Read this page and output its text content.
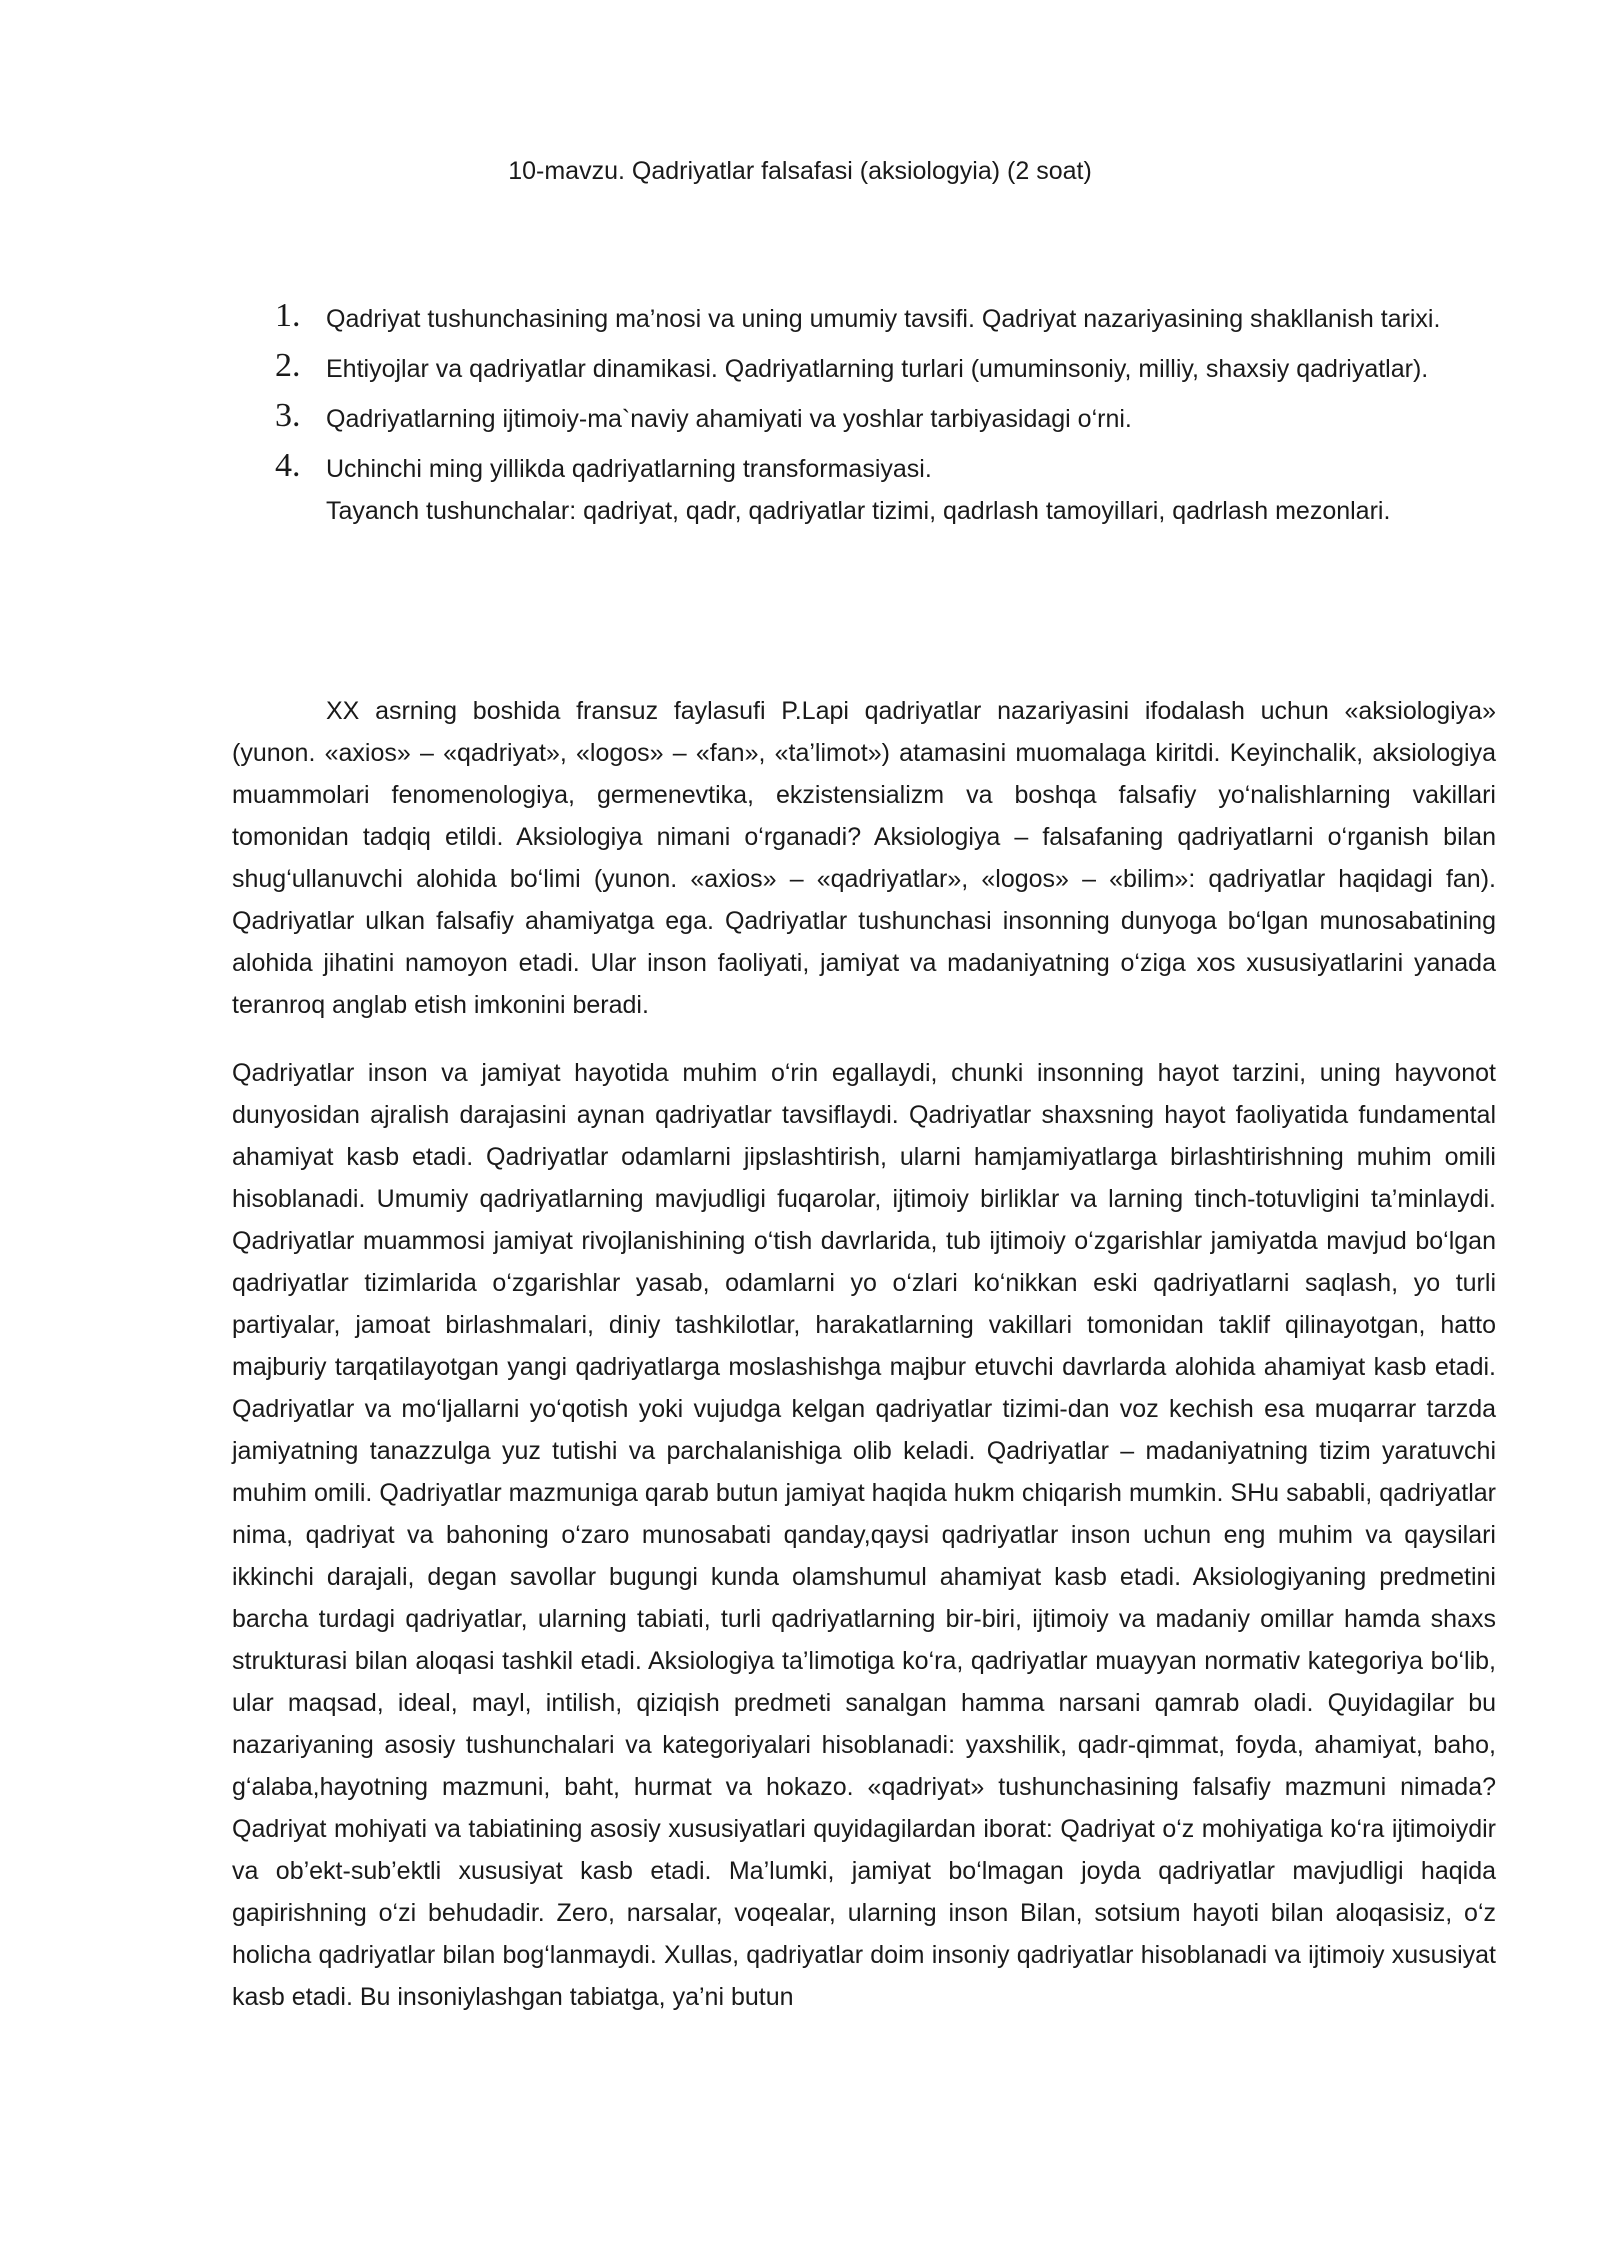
10-mavzu. Qadriyatlar falsafasi (aksiologyia) (2 soat)
1. Qadriyat tushunchasining ma’nosi va uning umumiy tavsifi. Qadriyat nazariyasining shakllanish tarixi.
2. Ehtiyojlar va qadriyatlar dinamikasi. Qadriyatlarning turlari (umuminsoniy, milliy, shaxsiy qadriyatlar).
3. Qadriyatlarning ijtimoiy-ma`naviy ahamiyati va yoshlar tarbiyasidagi o‘rni.
4. Uchinchi ming yillikda qadriyatlarning transformasiyasi.
Tayanch tushunchalar: qadriyat, qadr, qadriyatlar tizimi, qadrlash tamoyillari, qadrlash mezonlari.

XX asrning boshida fransuz faylasufi P.Lapi qadriyatlar nazariyasini ifodalash uchun «aksiologiya» (yunon. «axios» – «qadriyat», «logos» – «fan», «ta’limot») atamasini muomalaga kiritdi. Keyinchalik, aksiologiya muammolari fenomenologiya, germenevtika, ekzistensializm va boshqa falsafiy yo‘nalishlarning vakillari tomonidan tadqiq etildi. Aksiologiya nimani o‘rganadi? Aksiologiya – falsafaning qadriyatlarni o‘rganish bilan shug‘ullanuvchi alohida bo‘limi (yunon. «axios» – «qadriyatlar», «logos» – «bilim»: qadriyatlar haqidagi fan). Qadriyatlar ulkan falsafiy ahamiyatga ega. Qadriyatlar tushunchasi insonning dunyoga bo‘lgan munosabatining alohida jihatini namoyon etadi. Ular inson faoliyati, jamiyat va madaniyatning o‘ziga xos xususiyatlarini yanada teranroq anglab etish imkonini beradi.

Qadriyatlar inson va jamiyat hayotida muhim o‘rin egallaydi, chunki insonning hayot tarzini, uning hayvonot dunyosidan ajralish darajasini aynan qadriyatlar tavsiflaydi. Qadriyatlar shaxsning hayot faoliyatida fundamental ahamiyat kasb etadi. Qadriyatlar odamlarni jipslashtirish, ularni hamjamiyatlarga birlashtirishning muhim omili hisoblanadi. Umumiy qadriyatlarning mavjudligi fuqarolar, ijtimoiy birliklar va larning tinch-totuvligini ta’minlaydi. Qadriyatlar muammosi jamiyat rivojlanishining o‘tish davrlarida, tub ijtimoiy o‘zgarishlar jamiyatda mavjud bo‘lgan qadriyatlar tizimlarida o‘zgarishlar yasab, odamlarni yo o‘zlari ko‘nikkan eski qadriyatlarni saqlash, yo turli partiyalar, jamoat birlashmalari, diniy tashkilotlar, harakatlarning vakillari tomonidan taklif qilinayotgan, hatto majburiy tarqatilayotgan yangi qadriyatlarga moslashishga majbur etuvchi davrlarda alohida ahamiyat kasb etadi. Qadriyatlar va mo‘ljallarni yo‘qotish yoki vujudga kelgan qadriyatlar tizimi-dan voz kechish esa muqarrar tarzda jamiyatning tanazzulga yuz tutishi va parchalanishiga olib keladi. Qadriyatlar – madaniyatning tizim yaratuvchi muhim omili. Qadriyatlar mazmuniga qarab butun jamiyat haqida hukm chiqarish mumkin. SHu sababli, qadriyatlar nima, qadriyat va bahoning o‘zaro munosabati qanday,qaysi qadriyatlar inson uchun eng muhim va qaysilari ikkinchi darajali, degan savollar bugungi kunda olamshumul ahamiyat kasb etadi. Aksiologiyaning predmetini barcha turdagi qadriyatlar, ularning tabiati, turli qadriyatlarning bir-biri, ijtimoiy va madaniy omillar hamda shaxs strukturasi bilan aloqasi tashkil etadi. Aksiologiya ta’limotiga ko‘ra, qadriyatlar muayyan normativ kategoriya bo‘lib, ular maqsad, ideal, mayl, intilish, qiziqish predmeti sanalgan hamma narsani qamrab oladi. Quyidagilar bu nazariyaning asosiy tushunchalari va kategoriyalari hisoblanadi: yaxshilik, qadr-qimmat, foyda, ahamiyat, baho, g‘alaba,hayotning mazmuni, baht, hurmat va hokazo. «qadriyat» tushunchasining falsafiy mazmuni nimada? Qadriyat mohiyati va tabiatining asosiy xususiyatlari quyidagilardan iborat: Qadriyat o‘z mohiyatiga ko‘ra ijtimoiydir va ob’ekt-sub’ektli xususiyat kasb etadi. Ma’lumki, jamiyat bo‘lmagan joyda qadriyatlar mavjudligi haqida gapirishning o‘zi behudadir. Zero, narsalar, voqealar, ularning inson Bilan, sotsium hayoti bilan aloqasisiz, o‘z holicha qadriyatlar bilan bog‘lanmaydi. Xullas, qadriyatlar doim insoniy qadriyatlar hisoblanadi va ijtimoiy xususiyat kasb etadi. Bu insoniylashgan tabiatga, ya’ni butun
